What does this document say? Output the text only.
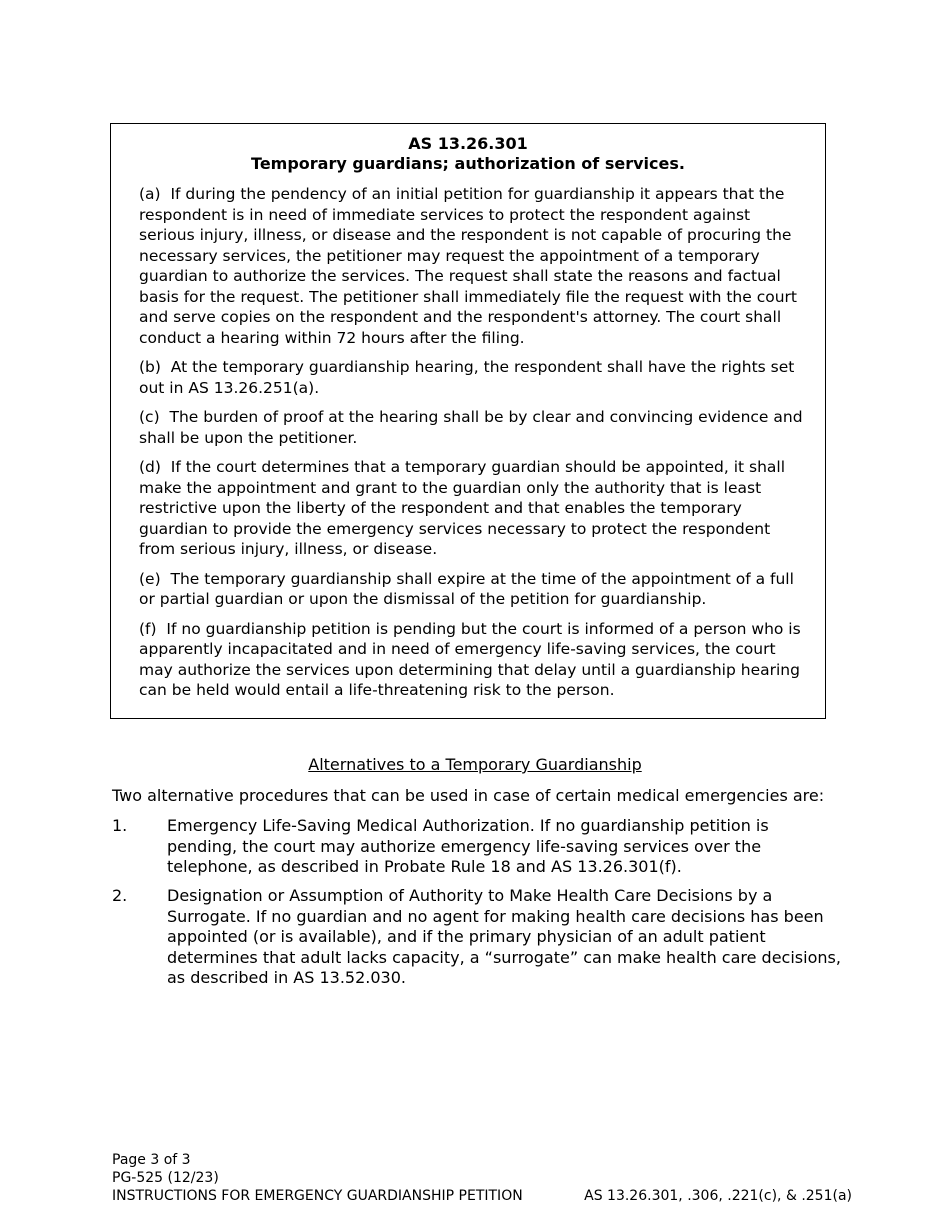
AS 13.26.301
Temporary guardians; authorization of services.

(a) If during the pendency of an initial petition for guardianship it appears that the respondent is in need of immediate services to protect the respondent against serious injury, illness, or disease and the respondent is not capable of procuring the necessary services, the petitioner may request the appointment of a temporary guardian to authorize the services. The request shall state the reasons and factual basis for the request. The petitioner shall immediately file the request with the court and serve copies on the respondent and the respondent's attorney. The court shall conduct a hearing within 72 hours after the filing.

(b) At the temporary guardianship hearing, the respondent shall have the rights set out in AS 13.26.251(a).

(c) The burden of proof at the hearing shall be by clear and convincing evidence and shall be upon the petitioner.

(d) If the court determines that a temporary guardian should be appointed, it shall make the appointment and grant to the guardian only the authority that is least restrictive upon the liberty of the respondent and that enables the temporary guardian to provide the emergency services necessary to protect the respondent from serious injury, illness, or disease.

(e) The temporary guardianship shall expire at the time of the appointment of a full or partial guardian or upon the dismissal of the petition for guardianship.

(f) If no guardianship petition is pending but the court is informed of a person who is apparently incapacitated and in need of emergency life-saving services, the court may authorize the services upon determining that delay until a guardianship hearing can be held would entail a life-threatening risk to the person.

Alternatives to a Temporary Guardianship
Two alternative procedures that can be used in case of certain medical emergencies are:
1. Emergency Life-Saving Medical Authorization. If no guardianship petition is pending, the court may authorize emergency life-saving services over the telephone, as described in Probate Rule 18 and AS 13.26.301(f).
2. Designation or Assumption of Authority to Make Health Care Decisions by a Surrogate. If no guardian and no agent for making health care decisions has been appointed (or is available), and if the primary physician of an adult patient determines that adult lacks capacity, a “surrogate” can make health care decisions, as described in AS 13.52.030.
Page 3 of 3
PG-525 (12/23)
INSTRUCTIONS FOR EMERGENCY GUARDIANSHIP PETITION	AS 13.26.301, .306, .221(c), & .251(a)
